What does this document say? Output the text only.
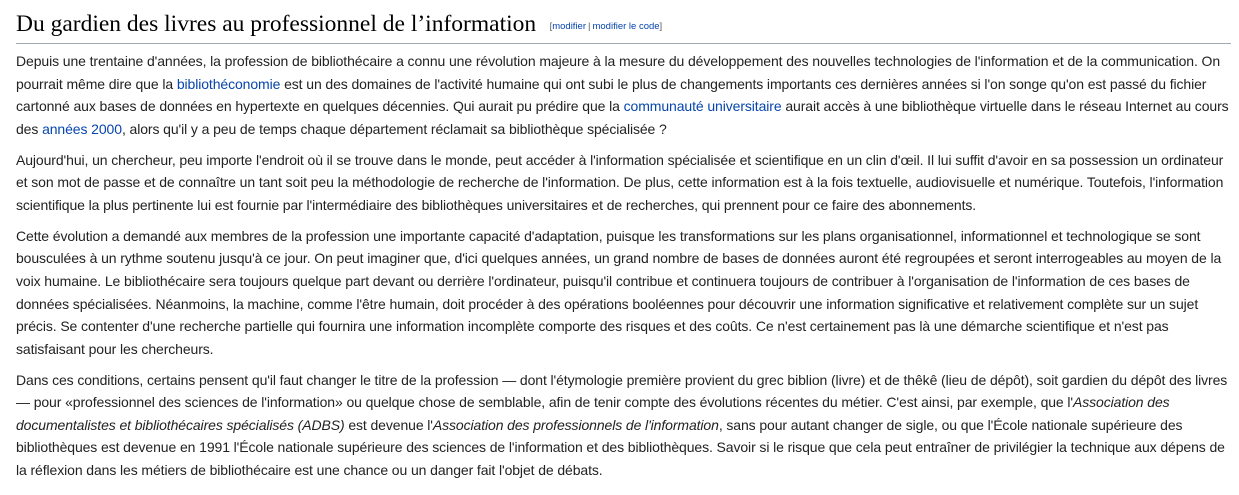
Du gardien des livres au professionnel de l’information [modifier | modifier le code]

Depuis une trentaine d'années, la profession de bibliothécaire a connu une révolution majeure à la mesure du développement des nouvelles technologies de l'information et de la communication. On pourrait même dire que la bibliothéconomie est un des domaines de l'activité humaine qui ont subi le plus de changements importants ces dernières années si l'on songe qu'on est passé du fichier cartonné aux bases de données en hypertexte en quelques décennies. Qui aurait pu prédire que la communauté universitaire aurait accès à une bibliothèque virtuelle dans le réseau Internet au cours des années 2000, alors qu'il y a peu de temps chaque département réclamait sa bibliothèque spécialisée ?

Aujourd'hui, un chercheur, peu importe l'endroit où il se trouve dans le monde, peut accéder à l'information spécialisée et scientifique en un clin d'œil. Il lui suffit d'avoir en sa possession un ordinateur et son mot de passe et de connaître un tant soit peu la méthodologie de recherche de l'information. De plus, cette information est à la fois textuelle, audiovisuelle et numérique. Toutefois, l'information scientifique la plus pertinente lui est fournie par l'intermédiaire des bibliothèques universitaires et de recherches, qui prennent pour ce faire des abonnements.

Cette évolution a demandé aux membres de la profession une importante capacité d'adaptation, puisque les transformations sur les plans organisationnel, informationnel et technologique se sont bousculées à un rythme soutenu jusqu'à ce jour. On peut imaginer que, d'ici quelques années, un grand nombre de bases de données auront été regroupées et seront interrogeables au moyen de la voix humaine. Le bibliothécaire sera toujours quelque part devant ou derrière l'ordinateur, puisqu'il contribue et continuera toujours de contribuer à l'organisation de l'information de ces bases de données spécialisées. Néanmoins, la machine, comme l'être humain, doit procéder à des opérations booléennes pour découvrir une information significative et relativement complète sur un sujet précis. Se contenter d'une recherche partielle qui fournira une information incomplète comporte des risques et des coûts. Ce n'est certainement pas là une démarche scientifique et n'est pas satisfaisant pour les chercheurs.

Dans ces conditions, certains pensent qu'il faut changer le titre de la profession — dont l'étymologie première provient du grec biblion (livre) et de thêkê (lieu de dépôt), soit gardien du dépôt des livres — pour «professionnel des sciences de l'information» ou quelque chose de semblable, afin de tenir compte des évolutions récentes du métier. C'est ainsi, par exemple, que l'Association des documentalistes et bibliothécaires spécialisés (ADBS) est devenue l'Association des professionnels de l'information, sans pour autant changer de sigle, ou que l'École nationale supérieure des bibliothèques est devenue en 1991 l'École nationale supérieure des sciences de l'information et des bibliothèques. Savoir si le risque que cela peut entraîner de privilégier la technique aux dépens de la réflexion dans les métiers de bibliothécaire est une chance ou un danger fait l'objet de débats.
